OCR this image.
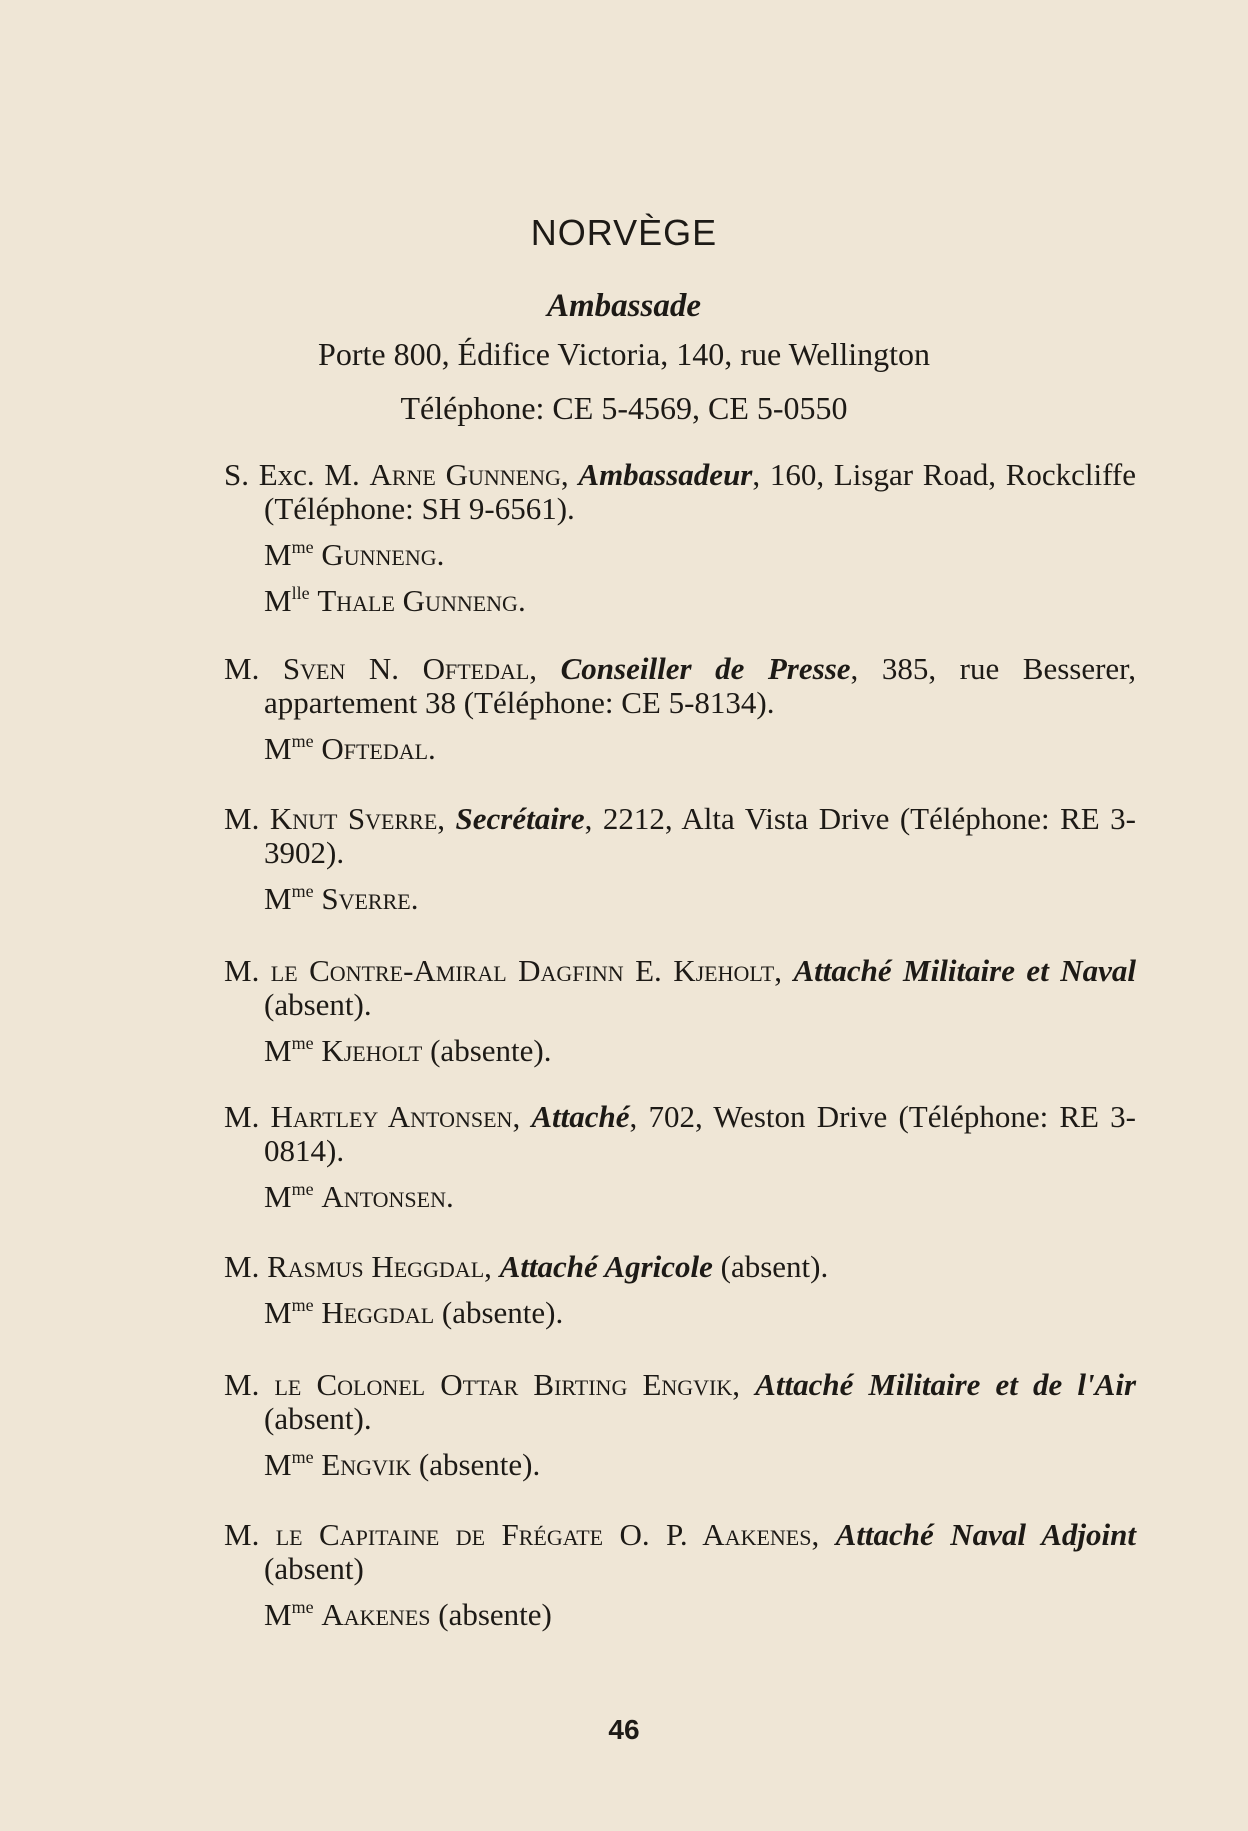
NORVÈGE
Ambassade
Porte 800, Édifice Victoria, 140, rue Wellington
Téléphone: CE 5-4569, CE 5-0550
S. Exc. M. Arne Gunneng, Ambassadeur, 160, Lisgar Road, Rockcliffe (Téléphone: SH 9-6561).
$M^{me}$ Gunneng.
$M^{lle}$ Thale Gunneng.
M. Sven N. Oftedal, Conseiller de Presse, 385, rue Besserer, appartement 38 (Téléphone: CE 5-8134).
$M^{me}$ Oftedal.
M. Knut Sverre, Secrétaire, 2212, Alta Vista Drive (Téléphone: RE 3-3902).
$M^{me}$ Sverre.
M. le Contre-Amiral Dagfinn E. Kjeholt, Attaché Militaire et Naval (absent).
$M^{me}$ Kjeholt (absente).
M. Hartley Antonsen, Attaché, 702, Weston Drive (Téléphone: RE 3-0814).
$M^{me}$ Antonsen.
M. Rasmus Heggdal, Attaché Agricole (absent).
$M^{me}$ Heggdal (absente).
M. le Colonel Ottar Birting Engvik, Attaché Militaire et de l'Air (absent).
$M^{me}$ Engvik (absente).
M. le Capitaine de Frégate O. P. Aakenes, Attaché Naval Adjoint (absent)
$M^{me}$ Aakenes (absente)
46
